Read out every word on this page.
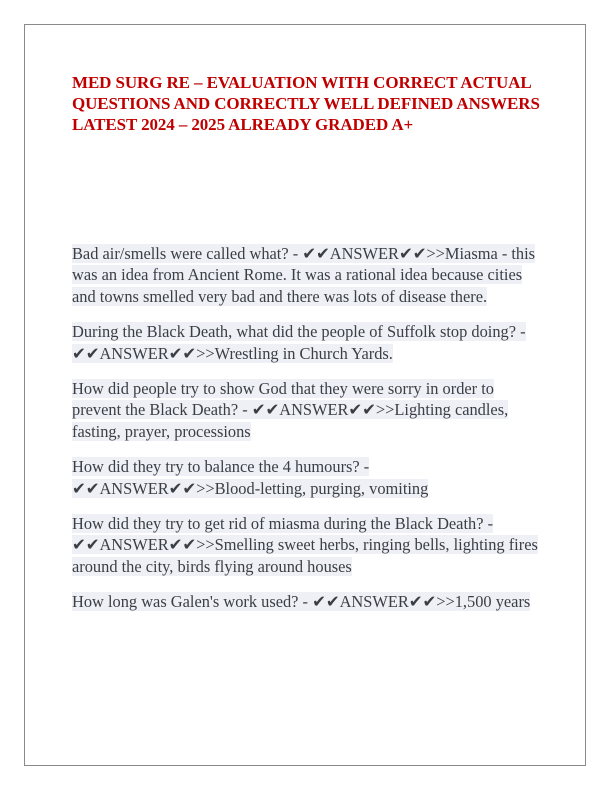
MED SURG RE – EVALUATION WITH CORRECT ACTUAL QUESTIONS AND CORRECTLY WELL DEFINED ANSWERS LATEST 2024 – 2025 ALREADY GRADED A+

Bad air/smells were called what? - ✔✔ANSWER✔✔>>Miasma - this was an idea from Ancient Rome. It was a rational idea because cities and towns smelled very bad and there was lots of disease there.

During the Black Death, what did the people of Suffolk stop doing? - ✔✔ANSWER✔✔>>Wrestling in Church Yards.

How did people try to show God that they were sorry in order to prevent the Black Death? - ✔✔ANSWER✔✔>>Lighting candles, fasting, prayer, processions

How did they try to balance the 4 humours? - ✔✔ANSWER✔✔>>Blood-letting, purging, vomiting

How did they try to get rid of miasma during the Black Death? - ✔✔ANSWER✔✔>>Smelling sweet herbs, ringing bells, lighting fires around the city, birds flying around houses

How long was Galen's work used? - ✔✔ANSWER✔✔>>1,500 years
